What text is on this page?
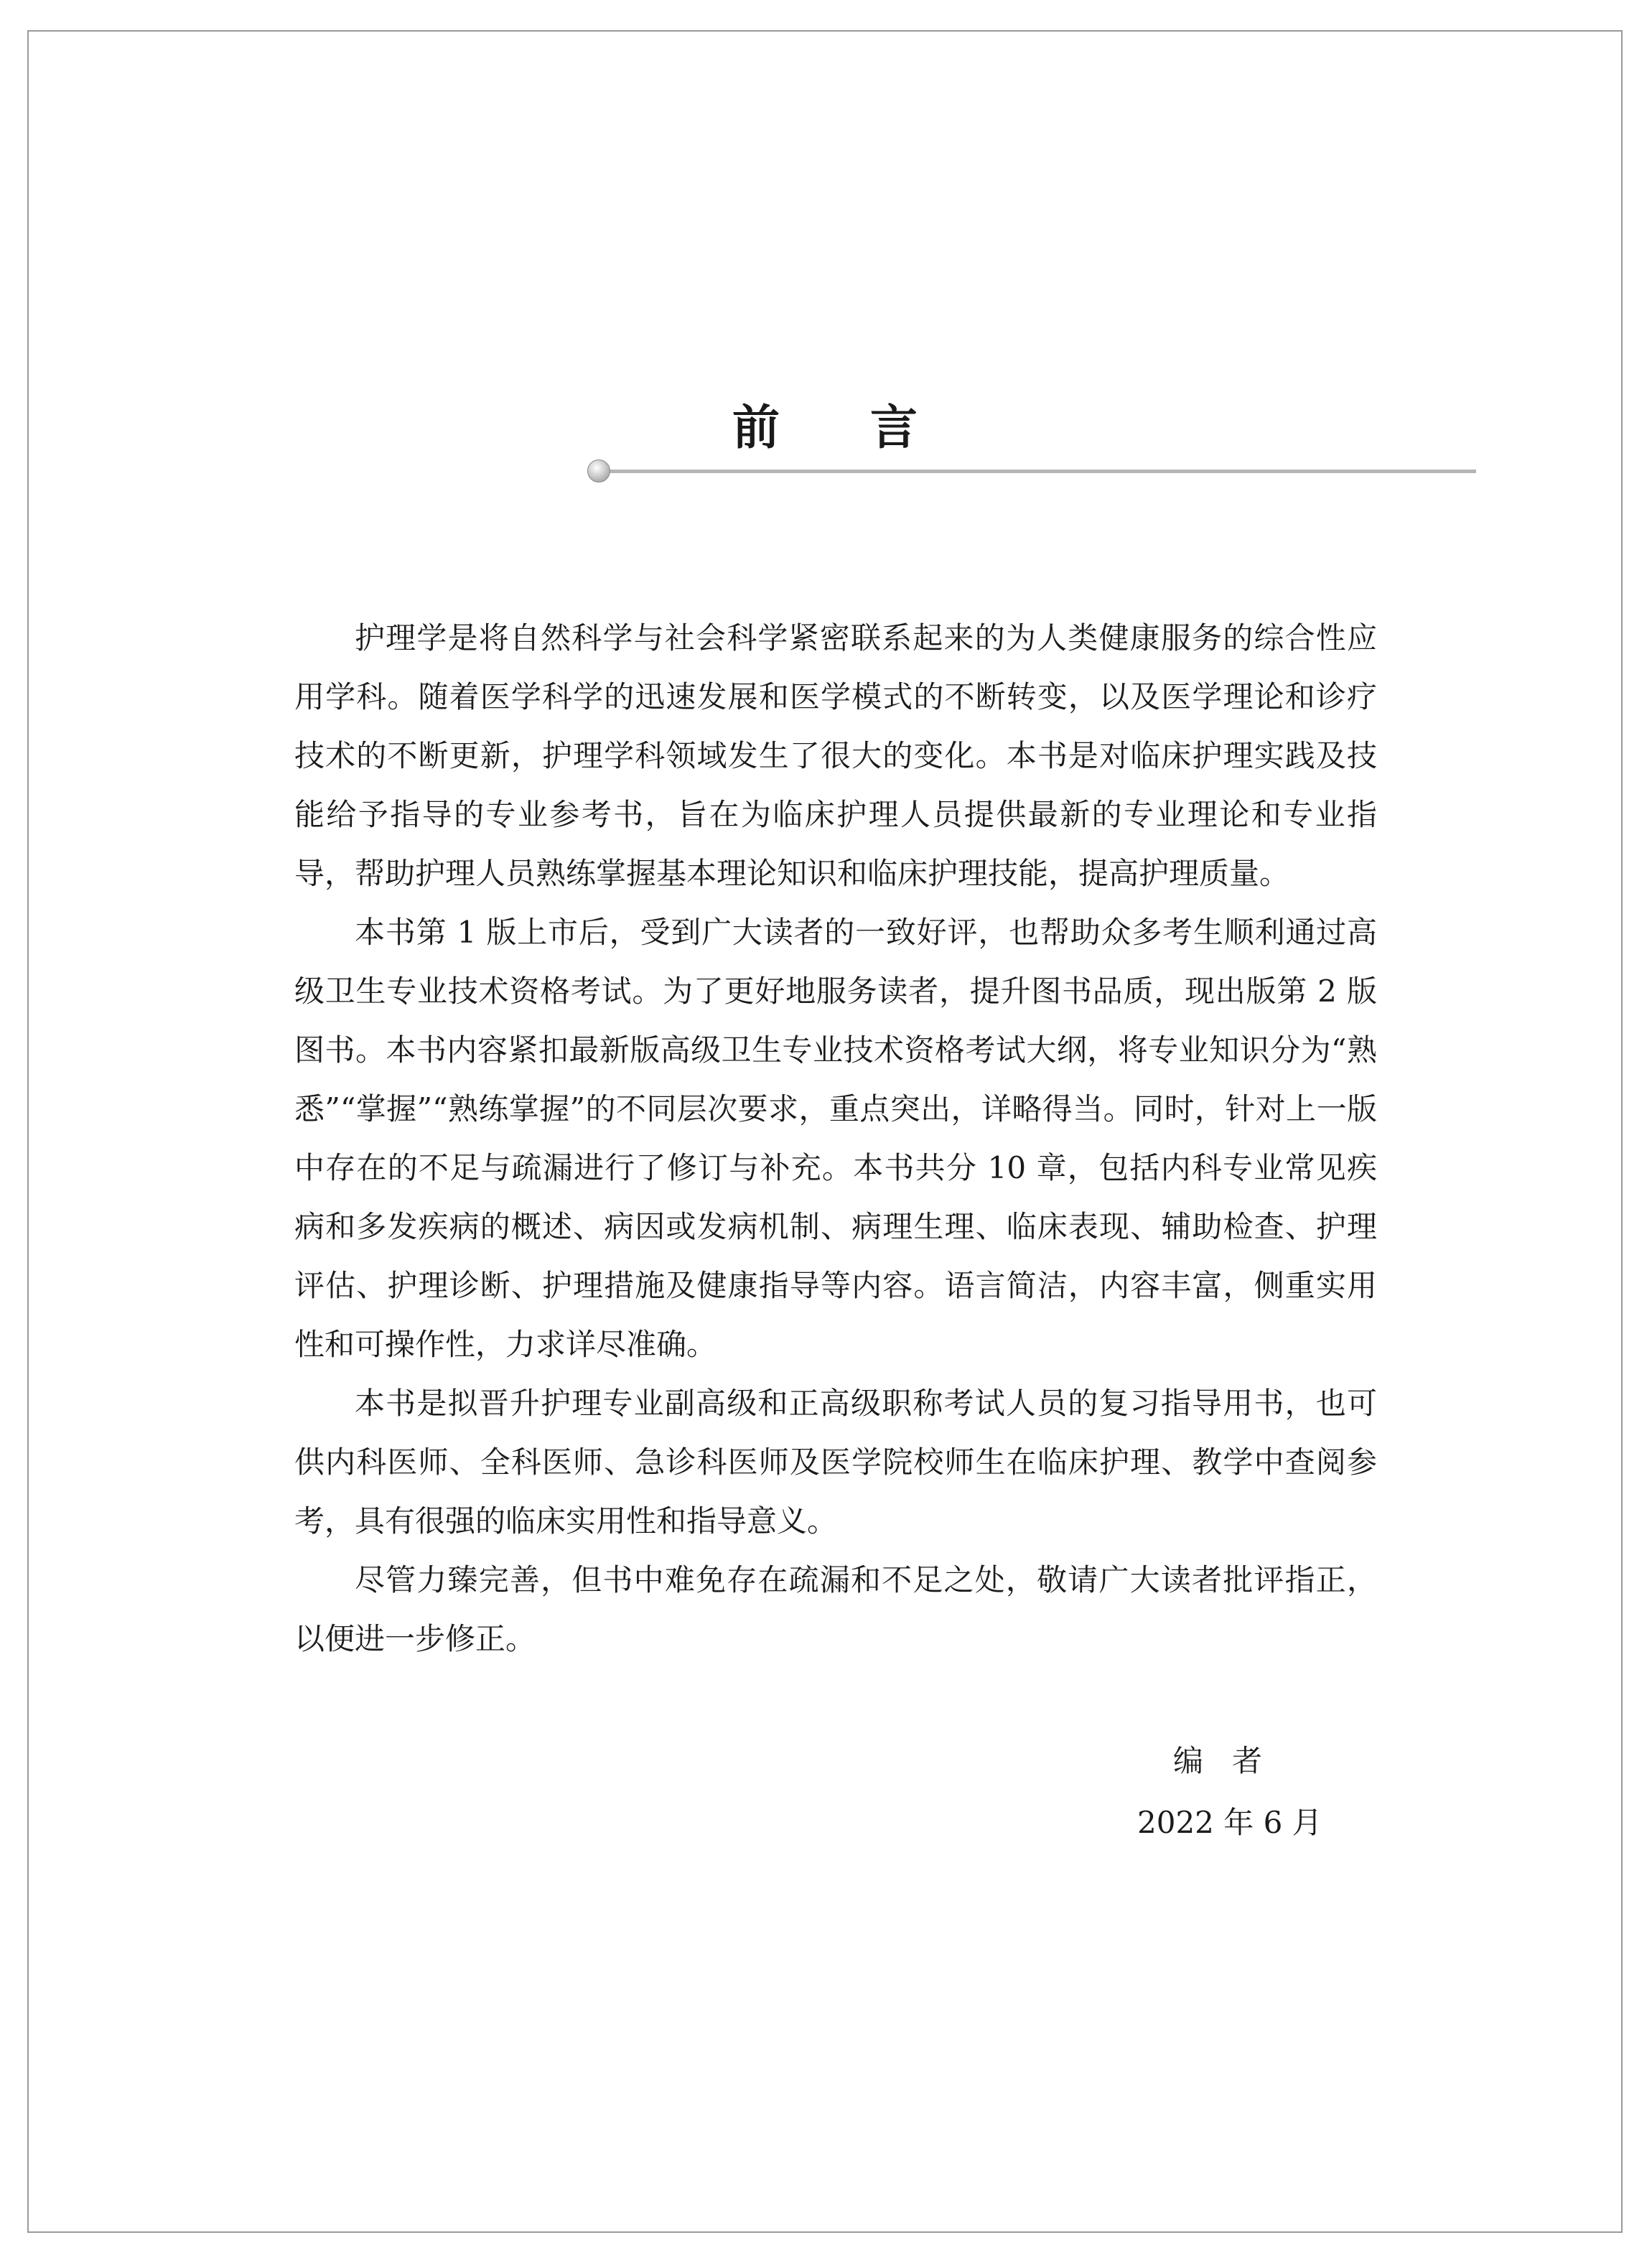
前 言

护理学是将自然科学与社会科学紧密联系起来的为人类健康服务的综合性应用学科。随着医学科学的迅速发展和医学模式的不断转变，以及医学理论和诊疗技术的不断更新，护理学科领域发生了很大的变化。本书是对临床护理实践及技能给予指导的专业参考书，旨在为临床护理人员提供最新的专业理论和专业指导，帮助护理人员熟练掌握基本理论知识和临床护理技能，提高护理质量。

本书第 1 版上市后，受到广大读者的一致好评，也帮助众多考生顺利通过高级卫生专业技术资格考试。为了更好地服务读者，提升图书品质，现出版第 2 版图书。本书内容紧扣最新版高级卫生专业技术资格考试大纲，将专业知识分为“熟悉”“掌握”“熟练掌握”的不同层次要求，重点突出，详略得当。同时，针对上一版中存在的不足与疏漏进行了修订与补充。本书共分 10 章，包括内科专业常见疾病和多发疾病的概述、病因或发病机制、病理生理、临床表现、辅助检查、护理评估、护理诊断、护理措施及健康指导等内容。语言简洁，内容丰富，侧重实用性和可操作性，力求详尽准确。

本书是拟晋升护理专业副高级和正高级职称考试人员的复习指导用书，也可供内科医师、全科医师、急诊科医师及医学院校师生在临床护理、教学中查阅参考，具有很强的临床实用性和指导意义。

尽管力臻完善，但书中难免存在疏漏和不足之处，敬请广大读者批评指正，以便进一步修正。

编者
2022 年 6 月
